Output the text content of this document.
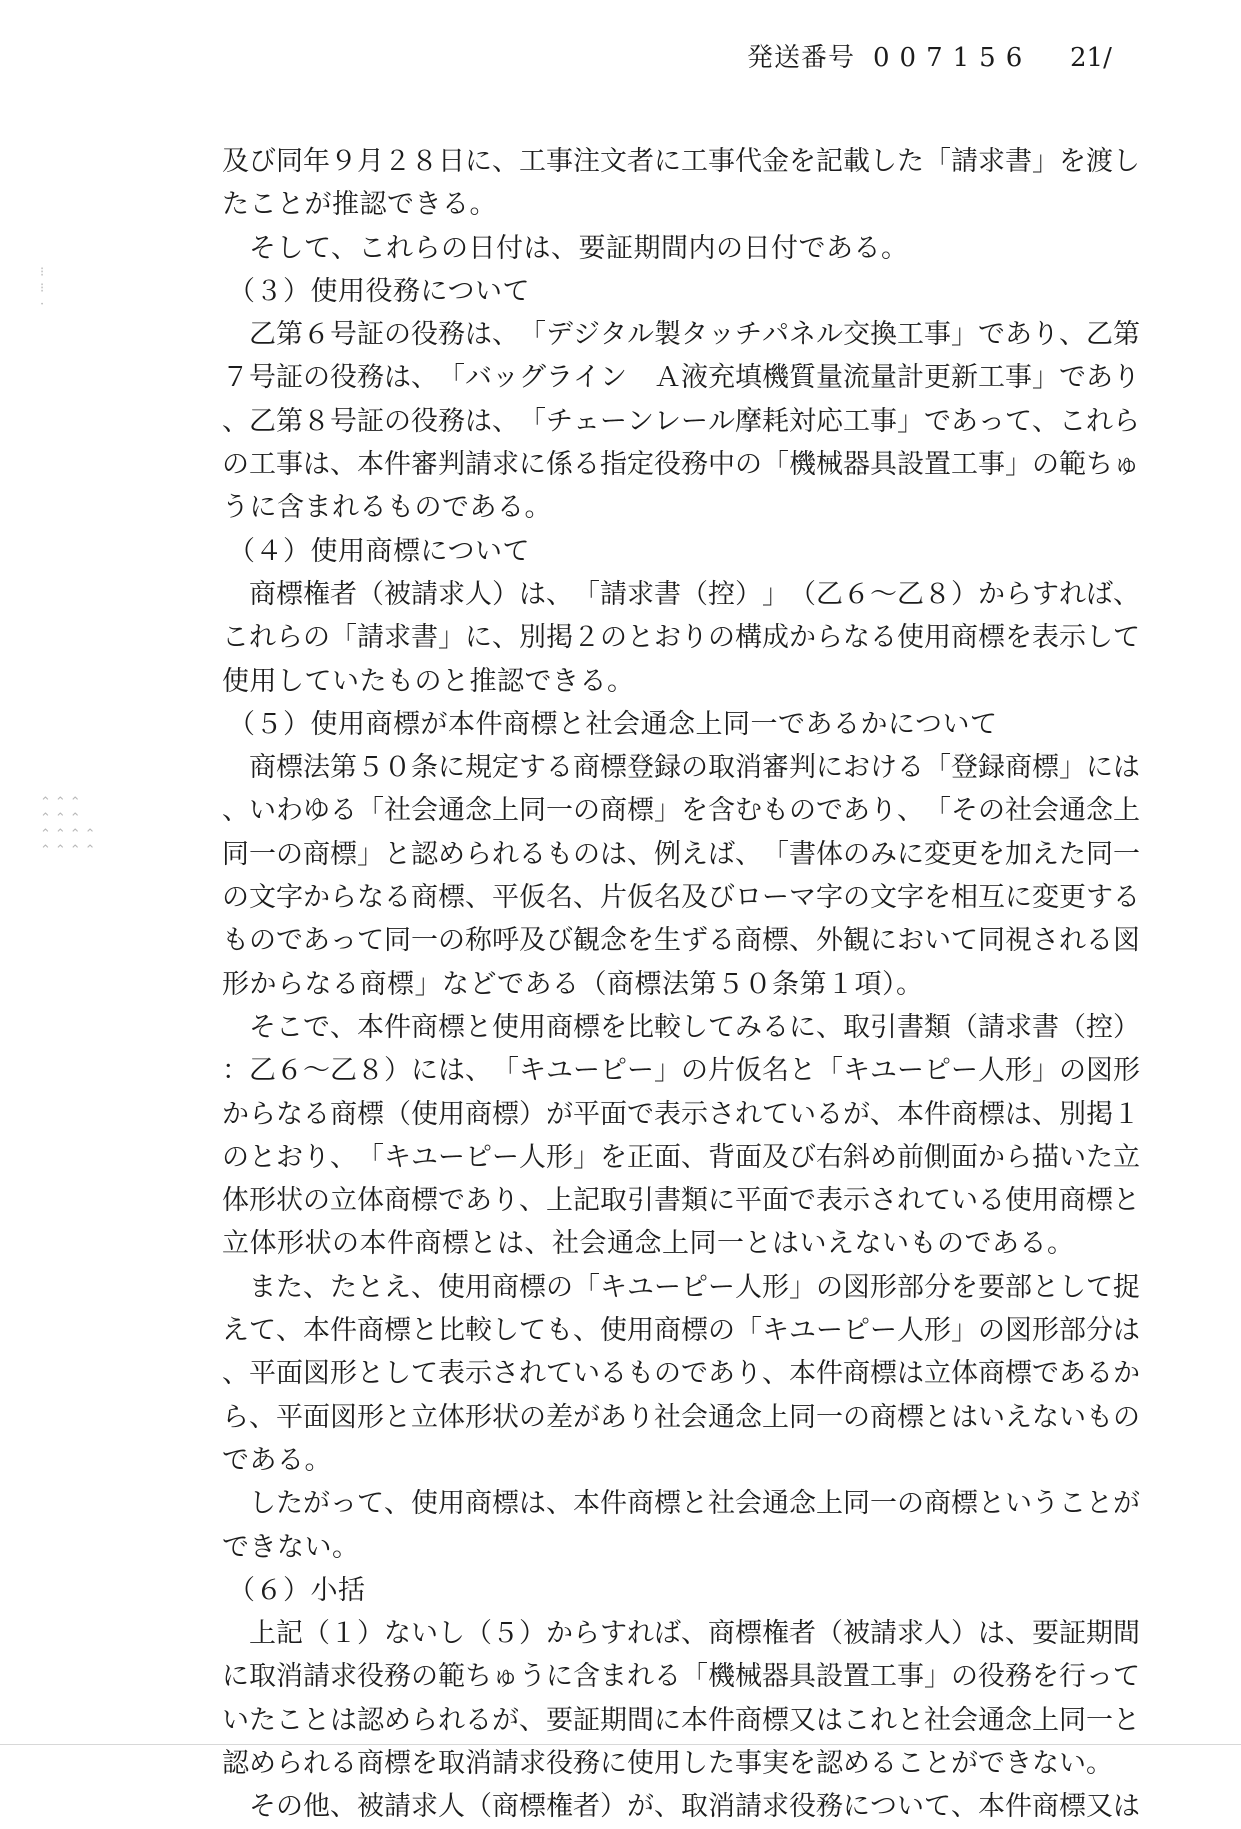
発送番号 007156 21/
⁝
⁝
·
⌃⌃⌃
⌃⌃⌃
⌃⌃⌃⌃
⌃⌃⌃⌃
及 び 同 年 ９ 月 ２ ８ 日 に 、 工 事 注 文 者 に 工 事 代 金 を 記 載 し た 「 請 求 書 」 を 渡 し
たことが推認できる。
そして、これらの日付は、要証期間内の日付である。
（３）使用役務について
乙 第 ６ 号 証 の 役 務 は 、 「 デ ジ タ ル 製 タ ッ チ パ ネ ル 交 換 工 事 」 で あ り 、 乙 第
７ 号 証 の 役 務 は 、 「 バ ッ グ ラ イ ン
　 Ａ 液 充 填 機 質 量 流 量 計 更 新 工 事 」 で あ り
、 乙 第 ８ 号 証 の 役 務 は 、 「 チ ェ ー ン レ ー ル 摩 耗 対 応 工 事 」 で あ っ て 、 こ れ ら
の 工 事 は 、 本 件 審 判 請 求 に 係 る 指 定 役 務 中 の 「 機 械 器 具 設 置 工 事 」 の 範 ち ゅ
うに含まれるものである。
（４）使用商標について
商 標 権 者 （ 被 請 求 人 ） は 、 「 請 求 書 （ 控 ） 」 （ 乙 ６ ～ 乙 ８ ） か ら す れ ば 、
こ れ ら の 「 請 求 書 」 に 、 別 掲 ２ の と お り の 構 成 か ら な る 使 用 商 標 を 表 示 し て
使用していたものと推認できる。
（５）使用商標が本件商標と社会通念上同一であるかについて
商 標 法 第 ５ ０ 条 に 規 定 す る 商 標 登 録 の 取 消 審 判 に お け る 「 登 録 商 標 」 に は
、 い わ ゆ る 「 社 会 通 念 上 同 一 の 商 標 」 を 含 む も の で あ り 、 「 そ の 社 会 通 念 上
同 一 の 商 標 」 と 認 め ら れ る も の は 、 例 え ば 、 「 書 体 の み に 変 更 を 加 え た 同 一
の 文 字 か ら な る 商 標 、 平 仮 名 、 片 仮 名 及 び ロ ー マ 字 の 文 字 を 相 互 に 変 更 す る
も の で あ っ て 同 一 の 称 呼 及 び 観 念 を 生 ず る 商 標 、 外 観 に お い て 同 視 さ れ る 図
形からなる商標」などである（商標法第５０条第１項）。
そ こ で 、 本 件 商 標 と 使 用 商 標 を 比 較 し て み る に 、 取 引 書 類 （ 請 求 書 （ 控 ）
： 乙 ６ ～ 乙 ８ ） に は 、 「 キ ユ ー ピ ー 」 の 片 仮 名 と 「 キ ユ ー ピ ー 人 形 」 の 図 形
か ら な る 商 標 （ 使 用 商 標 ） が 平 面 で 表 示 さ れ て い る が 、 本 件 商 標 は 、 別 掲 １
の と お り 、 「 キ ユ ー ピ ー 人 形 」 を 正 面 、 背 面 及 び 右 斜 め 前 側 面 か ら 描 い た 立
体 形 状 の 立 体 商 標 で あ り 、 上 記 取 引 書 類 に 平 面 で 表 示 さ れ て い る 使 用 商 標 と
立体形状の本件商標とは、社会通念上同一とはいえないものである。
ま た 、 た と え 、 使 用 商 標 の 「 キ ユ ー ピ ー 人 形 」 の 図 形 部 分 を 要 部 と し て 捉
え て 、 本 件 商 標 と 比 較 し て も 、 使 用 商 標 の 「 キ ユ ー ピ ー 人 形 」 の 図 形 部 分 は
、 平 面 図 形 と し て 表 示 さ れ て い る も の で あ り 、 本 件 商 標 は 立 体 商 標 で あ る か
ら 、 平 面 図 形 と 立 体 形 状 の 差 が あ り 社 会 通 念 上 同 一 の 商 標 と は い え な い も の
である。
し た が っ て 、 使 用 商 標 は 、 本 件 商 標 と 社 会 通 念 上 同 一 の 商 標 と い う こ と が
できない。
（６）小括
上 記 （ １ ） な い し （ ５ ） か ら す れ ば 、 商 標 権 者 （ 被 請 求 人 ） は 、 要 証 期 間
に 取 消 請 求 役 務 の 範 ち ゅ う に 含 ま れ る 「 機 械 器 具 設 置 工 事 」 の 役 務 を 行 っ て
い た こ と は 認 め ら れ る が 、 要 証 期 間 に 本 件 商 標 又 は こ れ と 社 会 通 念 上 同 一 と
認 め ら れ る 商 標 を 取 消 請 求 役 務 に 使 用 し た 事 実 を 認 め る こ と が で き な い 。
そ の 他 、 被 請 求 人 （ 商 標 権 者 ） が 、 取 消 請 求 役 務 に つ い て 、 本 件 商 標 又 は
